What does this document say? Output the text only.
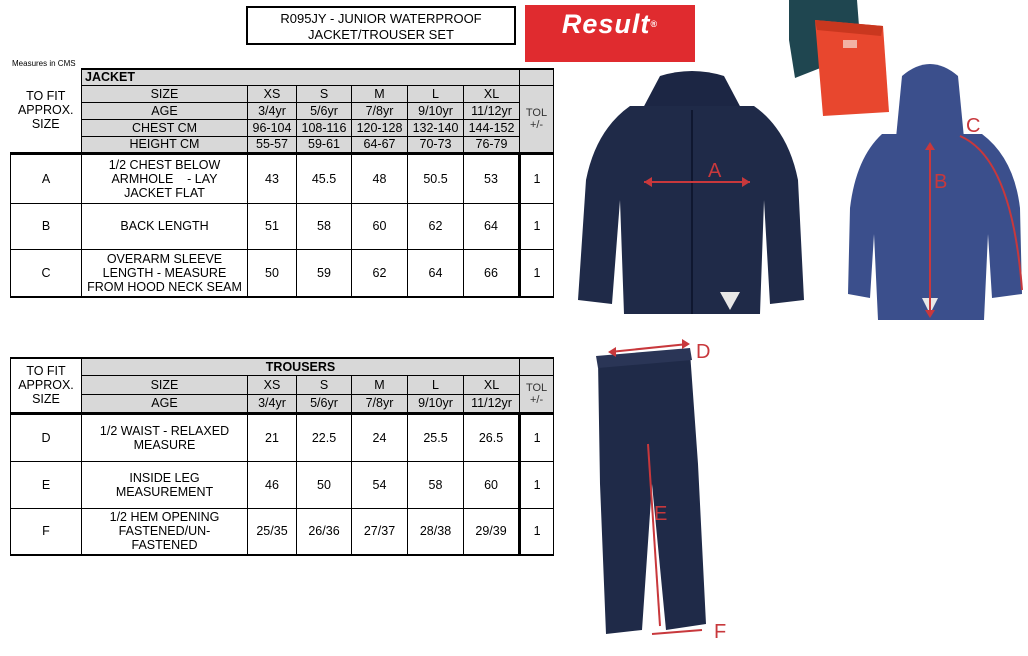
R095JY - JUNIOR WATERPROOF
JACKET/TROUSER SET	Result®
Measures in CMS
TO FIT
APPROX.
SIZE	JACKET						
	SIZE	XS	S	M	L	XL	TOL
+/-

	AGE	3/4yr	5/6yr	7/8yr	9/10yr	11/12yr	
	CHEST CM	96-104	108-116	120-128	132-140	144-152	
	HEIGHT CM	55-57	59-61	64-67	70-73	76-79	
A	1/2 CHEST BELOW
ARMHOLE    - LAY
JACKET FLAT	43	45.5	48	50.5	53	1
B	BACK LENGTH	51	58	60	62	64	1
C	OVERARM SLEEVE
LENGTH - MEASURE
FROM HOOD NECK SEAM	50	59	62	64	66	1
TO FIT
APPROX.
SIZE	TROUSERS						
	SIZE	XS	S	M	L	XL	TOL
+/-

	AGE	3/4yr	5/6yr	7/8yr	9/10yr	11/12yr	
D	1/2 WAIST - RELAXED
MEASURE	21	22.5	24	25.5	26.5	1
E	INSIDE LEG
MEASUREMENT	46	50	54	58	60	1
F	1/2 HEM OPENING
FASTENED/UN-
FASTENED	25/35	26/36	27/37	28/38	29/39	1
A	B
C
D
E
F
